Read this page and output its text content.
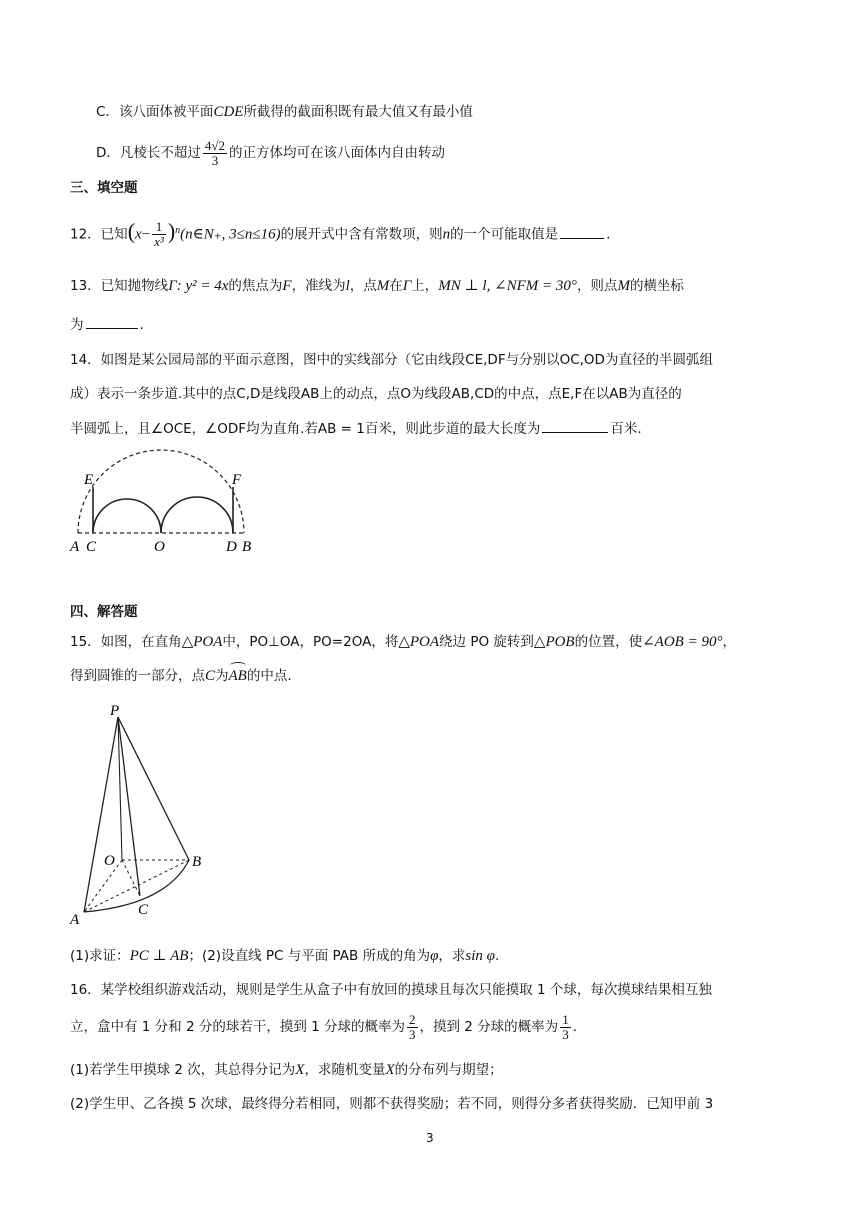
C．该八面体被平面CDE所截得的截面积既有最大值又有最小值
D．凡棱长不超过 $\frac{4√2}{3}$ 的正方体均可在该八面体内自由转动
三、填空题
12．已知($x- \frac{1}{\text{x³}}$ )$^n(n\in N_+$, 3≤n≤16)的展开式中含有常数项，则n的一个可能取值是	.
13．已知抛物线Γ: y² = 4x的焦点为F，准线为l，点M在Γ上，MN ⊥ l, ∠NFM = 30°，则点M的横坐标
为	.
14．如图是某公园局部的平面示意图，图中的实线部分（它由线段CE,DF与分别以OC,OD为直径的半圆弧组
成）表示一条步道.其中的点C,D是线段AB上的动点，点O为线段AB,CD的中点，点E,F在以AB为直径的
半圆弧上，且∠OCE，∠ODF均为直角.若AB = 1百米，则此步道的最大长度为	百米.
E	F
A C	O	D B
四、解答题
15．如图，在直角△POA中，PO⊥OA，PO=2OA，将△POA绕边 PO 旋转到△POB的位置，使∠AOB = 90°，
得到圆锥的一部分，点C为AB的中点.
P
O	B
A
C
(1)求证：PC ⊥ AB；(2)设直线 PC 与平面 PAB 所成的角为φ，求sin φ.
16．某学校组织游戏活动，规则是学生从盒子中有放回的摸球且每次只能摸取 1 个球，每次摸球结果相互独
立，盒中有 1 分和 2 分的球若干，摸到 1 分球的概率为 $\frac{2}{3}$ ，摸到 2 分球的概率为 $\frac{1}{3}$ .
(1)若学生甲摸球 2 次，其总得分记为X，求随机变量X的分布列与期望；
(2)学生甲、乙各摸 5 次球，最终得分若相同，则都不获得奖励；若不同，则得分多者获得奖励．已知甲前 3
3
